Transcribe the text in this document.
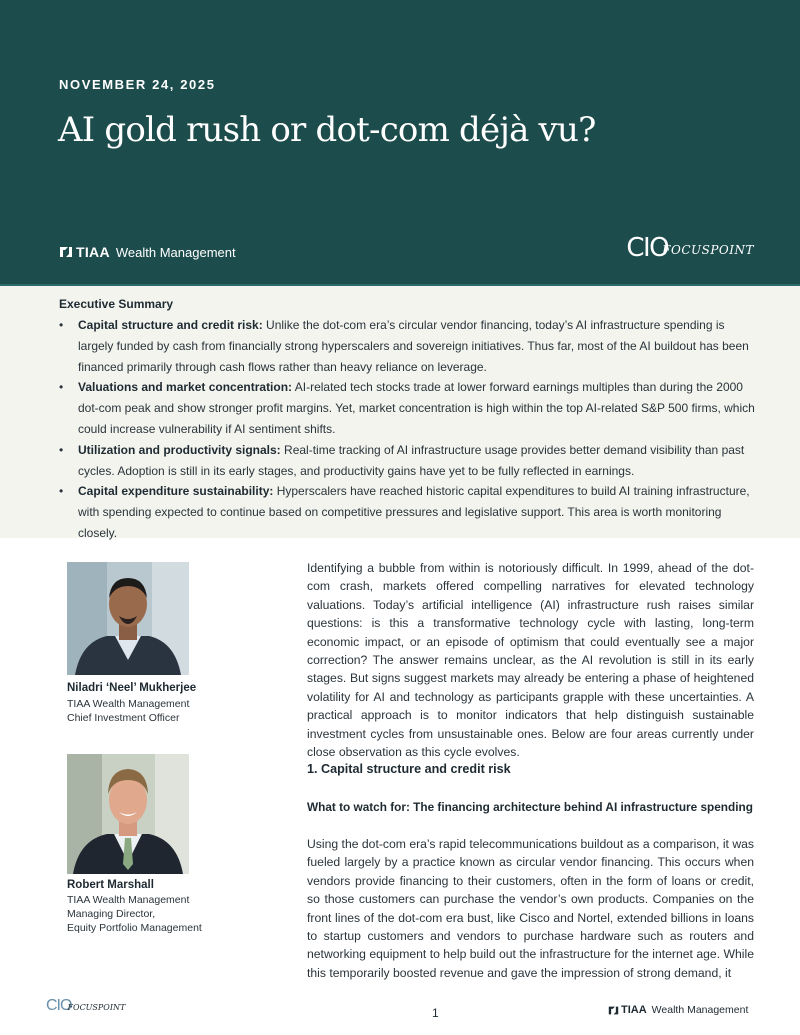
NOVEMBER 24, 2025
AI gold rush or dot-com déjà vu?
TIAA Wealth Management	CIO
FOCUSPOINT
Executive Summary
• Capital structure and credit risk: Unlike the dot-com era’s circular vendor financing, today’s AI infrastructure spending is largely funded by cash from financially strong hyperscalers and sovereign initiatives. Thus far, most of the AI buildout has been financed primarily through cash flows rather than heavy reliance on leverage.
• Valuations and market concentration: AI-related tech stocks trade at lower forward earnings multiples than during the 2000 dot-com peak and show stronger profit margins. Yet, market concentration is high within the top AI-related S&P 500 firms, which could increase vulnerability if AI sentiment shifts.
• Utilization and productivity signals: Real-time tracking of AI infrastructure usage provides better demand visibility than past cycles. Adoption is still in its early stages, and productivity gains have yet to be fully reflected in earnings.
• Capital expenditure sustainability: Hyperscalers have reached historic capital expenditures to build AI training infrastructure, with spending expected to continue based on competitive pressures and legislative support. This area is worth monitoring closely.
Niladri ‘Neel’ Mukherjee
TIAA Wealth Management
Chief Investment Officer
Robert Marshall
TIAA Wealth Management
Managing Director,
Equity Portfolio Management

Identifying a bubble from within is notoriously difficult. In 1999, ahead of the dot-com crash, markets offered compelling narratives for elevated technology valuations. Today’s artificial intelligence (AI) infrastructure rush raises similar questions: is this a transformative technology cycle with lasting, long-term economic impact, or an episode of optimism that could eventually see a major correction? The answer remains unclear, as the AI revolution is still in its early stages. But signs suggest markets may already be entering a phase of heightened volatility for AI and technology as participants grapple with these uncertainties. A practical approach is to monitor indicators that help distinguish sustainable investment cycles from unsustainable ones. Below are four areas currently under close observation as this cycle evolves.

1. Capital structure and credit risk
What to watch for: The financing architecture behind AI infrastructure spending

Using the dot-com era’s rapid telecommunications buildout as a comparison, it was fueled largely by a practice known as circular vendor financing. This occurs when vendors provide financing to their customers, often in the form of loans or credit, so those customers can purchase the vendor’s own products. Companies on the front lines of the dot-com era bust, like Cisco and Nortel, extended billions in loans to startup customers and vendors to purchase hardware such as routers and networking equipment to help build out the infrastructure for the internet age. While this temporarily boosted revenue and gave the impression of strong demand, it

CIO
FOCUSPOINT	1	TIAA Wealth Management
